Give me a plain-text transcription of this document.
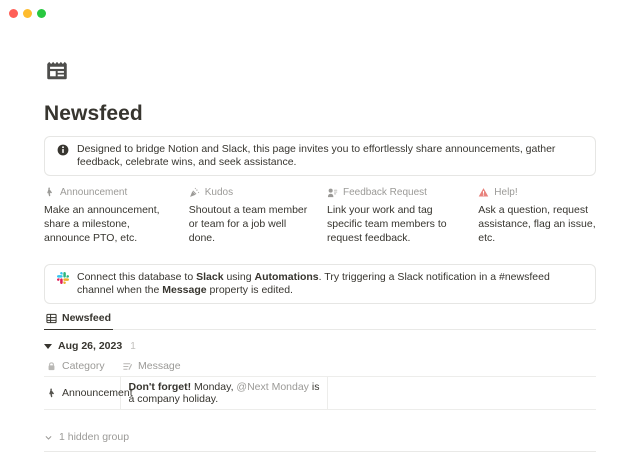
Newsfeed
Designed to bridge Notion and Slack, this page invites you to effortlessly share announcements, gather feedback, celebrate wins, and seek assistance.
Announcement
Make an announcement, share a milestone, announce PTO, etc.
Kudos
Shoutout a team member or team for a job well done.
Feedback Request
Link your work and tag specific team members to request feedback.
Help!
Ask a question, request assistance, flag an issue, etc.
Connect this database to Slack using Automations. Try triggering a Slack notification in a #newsfeed channel when the Message property is edited.
Newsfeed
Aug 26, 2023 1
Category	Message	

Announcement	Don't forget! Monday, @Next Monday is a company holiday.	
1 hidden group
